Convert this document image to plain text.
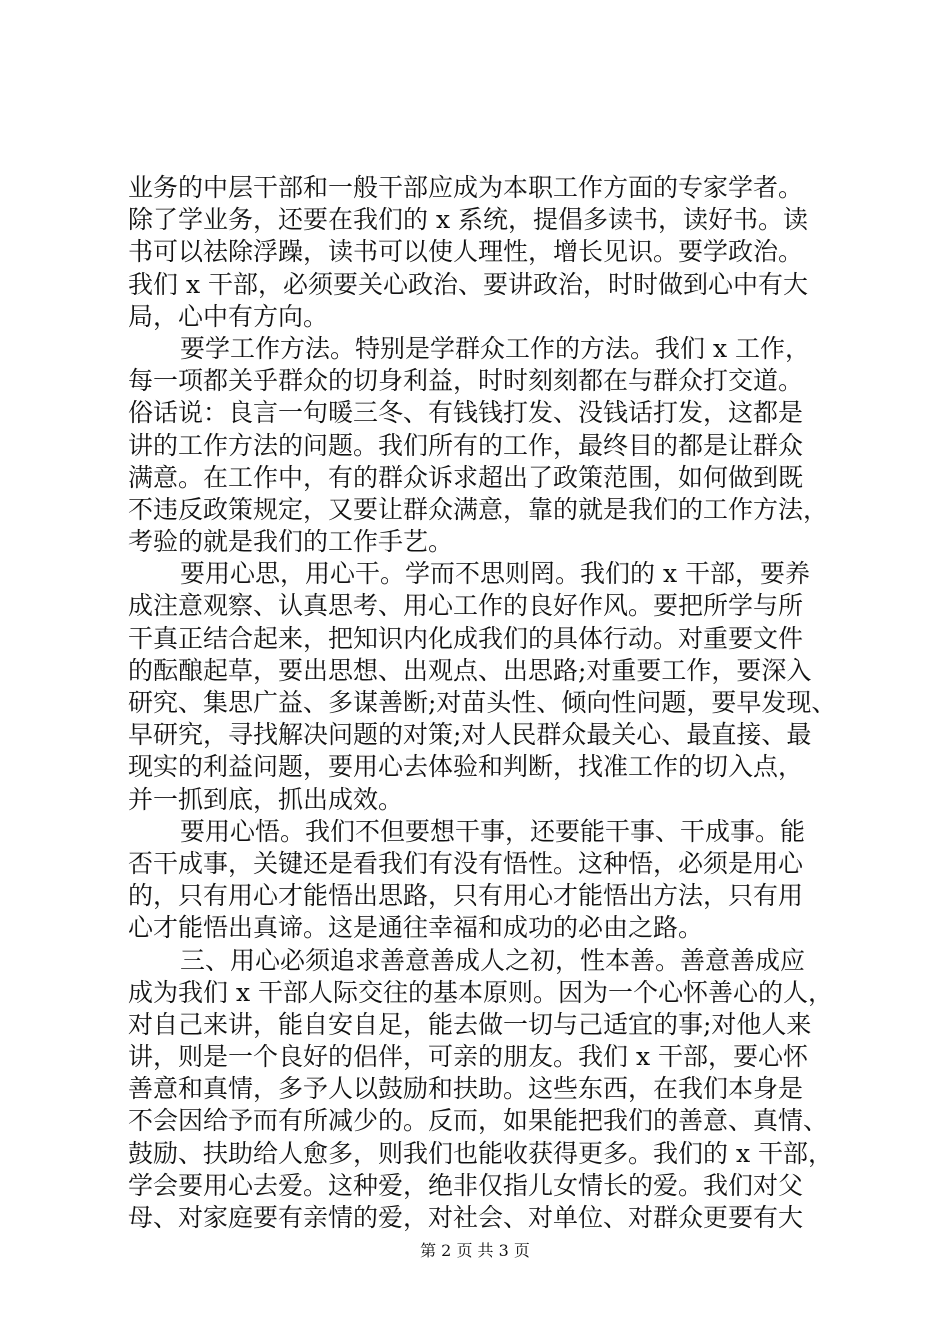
业务的中层干部和一般干部应成为本职工作方面的专家学者。
除了学业务，还要在我们的 x 系统，提倡多读书，读好书。读
书可以祛除浮躁，读书可以使人理性，增长见识。要学政治。
我们 x 干部，必须要关心政治、要讲政治，时时做到心中有大
局，心中有方向。
要学工作方法。特别是学群众工作的方法。我们 x 工作，
每一项都关乎群众的切身利益，时时刻刻都在与群众打交道。
俗话说：良言一句暖三冬、有钱钱打发、没钱话打发，这都是
讲的工作方法的问题。我们所有的工作，最终目的都是让群众
满意。在工作中，有的群众诉求超出了政策范围，如何做到既
不违反政策规定，又要让群众满意，靠的就是我们的工作方法，
考验的就是我们的工作手艺。
要用心思，用心干。学而不思则罔。我们的 x 干部，要养
成注意观察、认真思考、用心工作的良好作风。要把所学与所
干真正结合起来，把知识内化成我们的具体行动。对重要文件
的酝酿起草，要出思想、出观点、出思路;对重要工作，要深入
研究、集思广益、多谋善断;对苗头性、倾向性问题，要早发现、
早研究，寻找解决问题的对策;对人民群众最关心、最直接、最
现实的利益问题，要用心去体验和判断，找准工作的切入点，
并一抓到底，抓出成效。
要用心悟。我们不但要想干事，还要能干事、干成事。能
否干成事，关键还是看我们有没有悟性。这种悟，必须是用心
的，只有用心才能悟出思路，只有用心才能悟出方法，只有用
心才能悟出真谛。这是通往幸福和成功的必由之路。
三、用心必须追求善意善成人之初，性本善。善意善成应
成为我们 x 干部人际交往的基本原则。因为一个心怀善心的人，
对自己来讲，能自安自足，能去做一切与己适宜的事;对他人来
讲，则是一个良好的侣伴，可亲的朋友。我们 x 干部，要心怀
善意和真情，多予人以鼓励和扶助。这些东西，在我们本身是
不会因给予而有所减少的。反而，如果能把我们的善意、真情、
鼓励、扶助给人愈多，则我们也能收获得更多。我们的 x 干部，
学会要用心去爱。这种爱，绝非仅指儿女情长的爱。我们对父
母、对家庭要有亲情的爱，对社会、对单位、对群众更要有大
第 2 页 共 3 页
